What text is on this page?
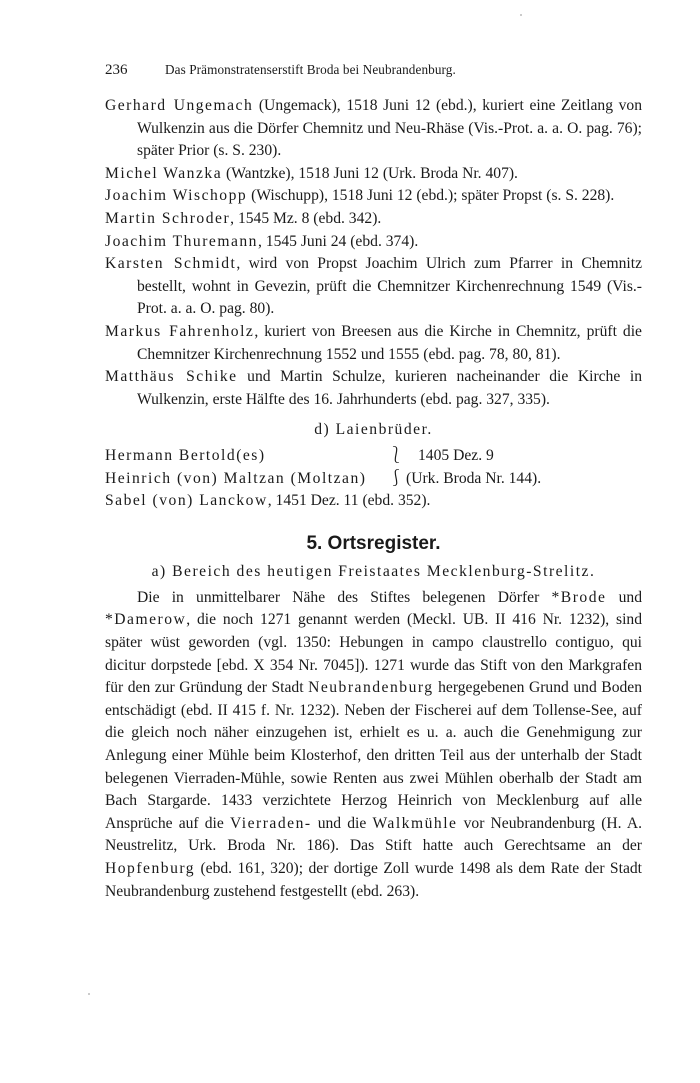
236	Das Prämonstratenserstift Broda bei Neubrandenburg.

Gerhard Ungemach (Ungemack), 1518 Juni 12 (ebd.), kuriert eine Zeitlang von Wulkenzin aus die Dörfer Chemnitz und Neu-Rhäse (Vis.-Prot. a. a. O. pag. 76); später Prior (s. S. 230).

Michel Wanzka (Wantzke), 1518 Juni 12 (Urk. Broda Nr. 407).

Joachim Wischopp (Wischupp), 1518 Juni 12 (ebd.); später Propst (s. S. 228).

Martin Schroder, 1545 Mz. 8 (ebd. 342).

Joachim Thuremann, 1545 Juni 24 (ebd. 374).

Karsten Schmidt, wird von Propst Joachim Ulrich zum Pfarrer in Chemnitz bestellt, wohnt in Gevezin, prüft die Chemnitzer Kirchenrechnung 1549 (Vis.-Prot. a. a. O. pag. 80).

Markus Fahrenholz, kuriert von Breesen aus die Kirche in Chemnitz, prüft die Chemnitzer Kirchenrechnung 1552 und 1555 (ebd. pag. 78, 80, 81).

Matthäus Schike und Martin Schulze, kurieren nacheinander die Kirche in Wulkenzin, erste Hälfte des 16. Jahrhunderts (ebd. pag. 327, 335).

d) Laienbrüder.
Hermann Bertold(es)	⎱ 1405 Dez. 9
Heinrich (von) Maltzan (Moltzan)	⎰ (Urk. Broda Nr. 144).

Sabel (von) Lanckow, 1451 Dez. 11 (ebd. 352).

5. Ortsregister.
a) Bereich des heutigen Freistaates Mecklenburg-Strelitz.

Die in unmittelbarer Nähe des Stiftes belegenen Dörfer *Brode und *Damerow, die noch 1271 genannt werden (Meckl. UB. II 416 Nr. 1232), sind später wüst geworden (vgl. 1350: Hebungen in campo claustrello contiguo, qui dicitur dorpstede [ebd. X 354 Nr. 7045]). 1271 wurde das Stift von den Markgrafen für den zur Gründung der Stadt Neubrandenburg hergegebenen Grund und Boden entschädigt (ebd. II 415 f. Nr. 1232). Neben der Fischerei auf dem Tollense-See, auf die gleich noch näher einzugehen ist, erhielt es u. a. auch die Genehmigung zur Anlegung einer Mühle beim Klosterhof, den dritten Teil aus der unterhalb der Stadt belegenen Vierraden-Mühle, sowie Renten aus zwei Mühlen oberhalb der Stadt am Bach Stargarde. 1433 verzichtete Herzog Heinrich von Mecklenburg auf alle Ansprüche auf die Vierraden- und die Walkmühle vor Neubrandenburg (H. A. Neustrelitz, Urk. Broda Nr. 186). Das Stift hatte auch Gerechtsame an der Hopfenburg (ebd. 161, 320); der dortige Zoll wurde 1498 als dem Rate der Stadt Neubrandenburg zustehend festgestellt (ebd. 263).
